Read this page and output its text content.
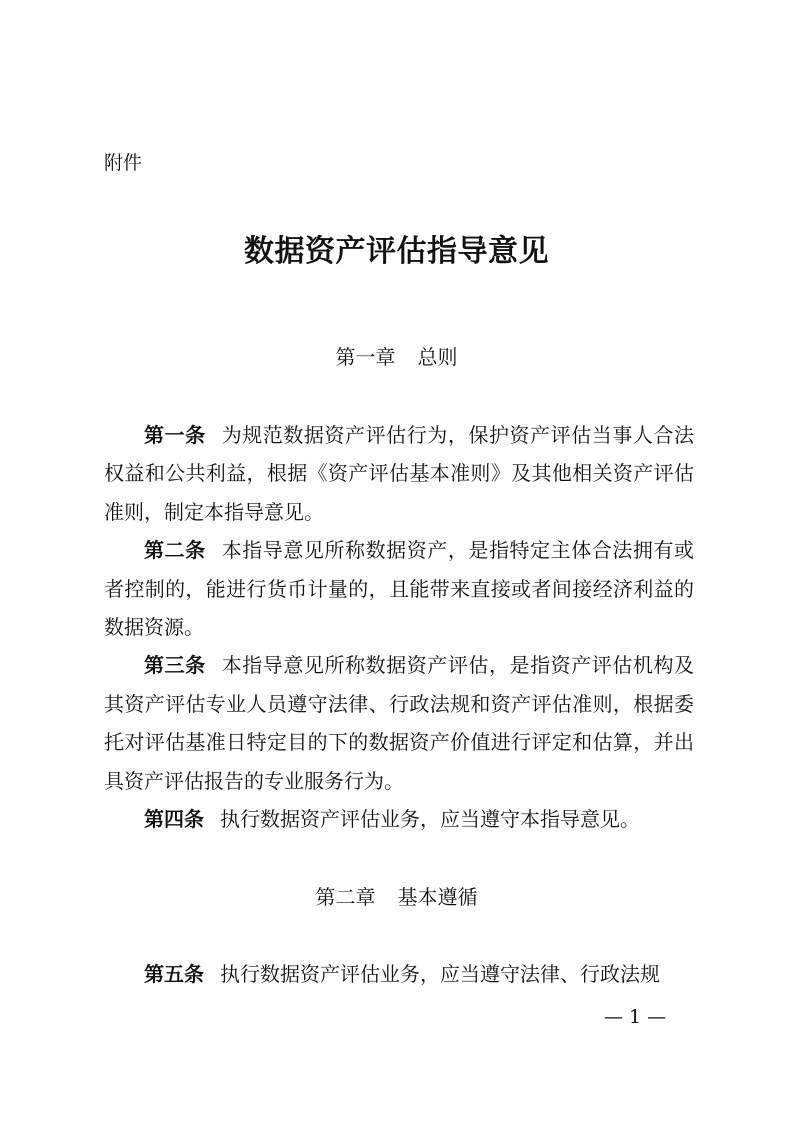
附件
数据资产评估指导意见
第一章 总则

第一条 为规范数据资产评估行为，保护资产评估当事人合法权益和公共利益，根据《资产评估基本准则》及其他相关资产评估准则，制定本指导意见。

第二条 本指导意见所称数据资产，是指特定主体合法拥有或者控制的，能进行货币计量的，且能带来直接或者间接经济利益的数据资源。

第三条 本指导意见所称数据资产评估，是指资产评估机构及其资产评估专业人员遵守法律、行政法规和资产评估准则，根据委托对评估基准日特定目的下的数据资产价值进行评定和估算，并出具资产评估报告的专业服务行为。

第四条 执行数据资产评估业务，应当遵守本指导意见。

第二章 基本遵循

第五条 执行数据资产评估业务，应当遵守法律、行政法规

— 1 —
